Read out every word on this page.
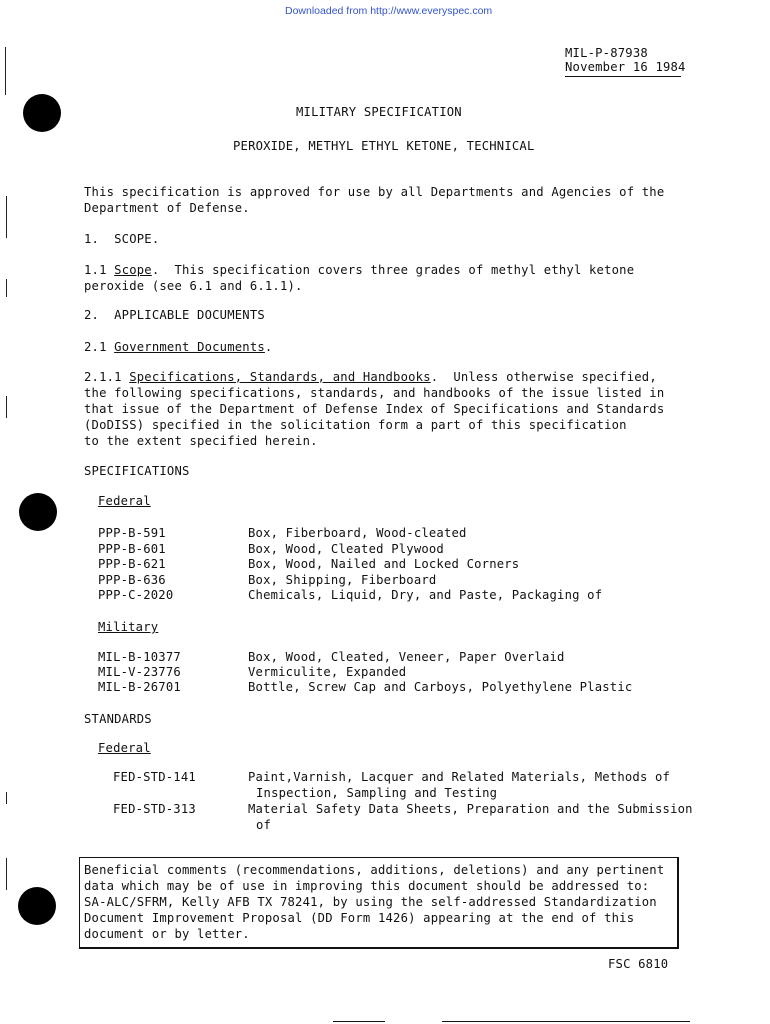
Downloaded from http://www.everyspec.com
MIL-P-87938
November 16 1984
MILITARY SPECIFICATION
PEROXIDE, METHYL ETHYL KETONE, TECHNICAL
This specification is approved for use by all Departments and Agencies of the
Department of Defense.
1.  SCOPE.
1.1 Scope.  This specification covers three grades of methyl ethyl ketone
peroxide (see 6.1 and 6.1.1).
2.  APPLICABLE DOCUMENTS
2.1 Government Documents.
2.1.1 Specifications, Standards, and Handbooks.  Unless otherwise specified,
the following specifications, standards, and handbooks of the issue listed in
that issue of the Department of Defense Index of Specifications and Standards
(DoDISS) specified in the solicitation form a part of this specification
to the extent specified herein.
SPECIFICATIONS
Federal
PPP-B-591	Box, Fiberboard, Wood-cleated
PPP-B-601	Box, Wood, Cleated Plywood
PPP-B-621	Box, Wood, Nailed and Locked Corners
PPP-B-636	Box, Shipping, Fiberboard
PPP-C-2020	Chemicals, Liquid, Dry, and Paste, Packaging of
Military
MIL-B-10377	Box, Wood, Cleated, Veneer, Paper Overlaid
MIL-V-23776	Vermiculite, Expanded
MIL-B-26701	Bottle, Screw Cap and Carboys, Polyethylene Plastic
STANDARDS
Federal
FED-STD-141	Paint,Varnish, Lacquer and Related Materials, Methods of
Inspection, Sampling and Testing
FED-STD-313	Material Safety Data Sheets, Preparation and the Submission
of
Beneficial comments (recommendations, additions, deletions) and any pertinent
data which may be of use in improving this document should be addressed to:
SA-ALC/SFRM, Kelly AFB TX 78241, by using the self-addressed Standardization
Document Improvement Proposal (DD Form 1426) appearing at the end of this
document or by letter.
FSC 6810
